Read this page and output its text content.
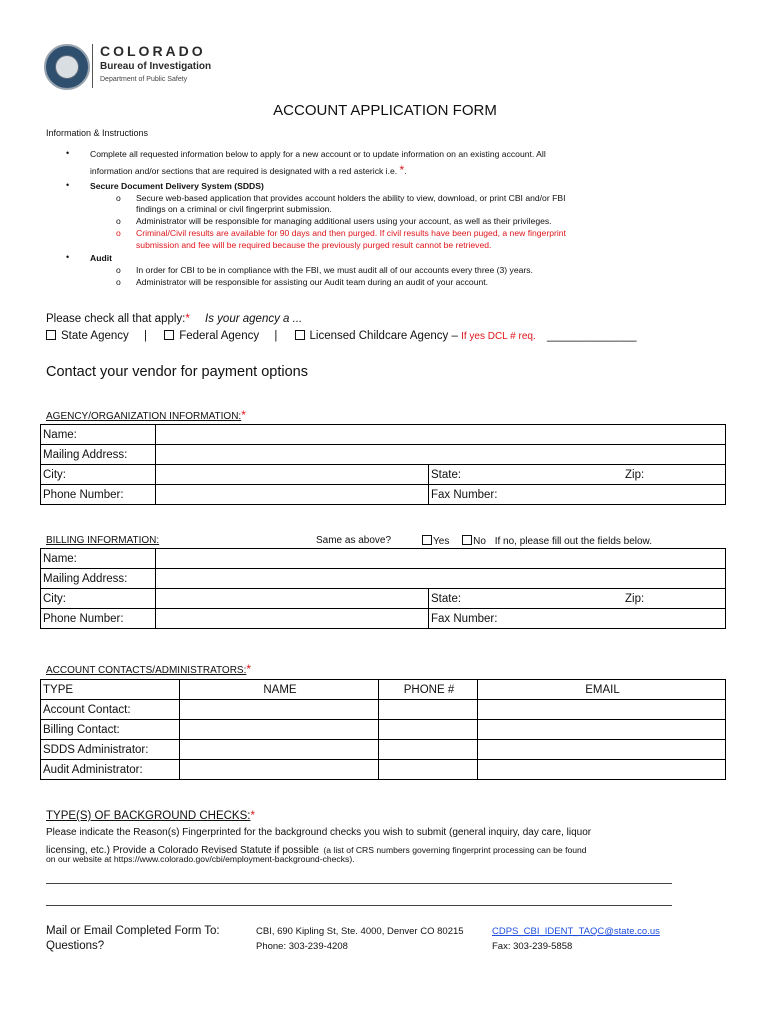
COLORADO
Bureau of Investigation
Department of Public Safety
ACCOUNT APPLICATION FORM
Information & Instructions
• Complete all requested information below to apply for a new account or to update information on an existing account. All
information and/or sections that are required is designated with a red asterick i.e. *.
• Secure Document Delivery System (SDDS)
o Secure web-based application that provides account holders the ability to view, download, or print CBI and/or FBI
findings on a criminal or civil fingerprint submission.
o Administrator will be responsible for managing additional users using your account, as well as their privileges.
o Criminal/Civil results are available for 90 days and then purged. If civil results have been puged, a new fingerprint
submission and fee will be required because the previously purged result cannot be retrieved.
• Audit
o In order for CBI to be in compliance with the FBI, we must audit all of our accounts every three (3) years.
o Administrator will be responsible for assisting our Audit team during an audit of your account.
Please check all that apply:* Is your agency a ...
State Agency |	Federal Agency |	Licensed Childcare Agency – If yes DCL # req. ______________
Contact your vendor for payment options
AGENCY/ORGANIZATION INFORMATION:*
Name:			
Mailing Address:			
City:		State:	Zip:
Phone Number:		Fax Number:	
BILLING INFORMATION:	Same as above?	Yes No If no, please fill out the fields below.
Name:			
Mailing Address:			
City:		State:	Zip:
Phone Number:		Fax Number:	
ACCOUNT CONTACTS/ADMINISTRATORS:*
TYPE	NAME	PHONE #	EMAIL
Account Contact:			
Billing Contact:			
SDDS Administrator:			
Audit Administrator:			
TYPE(S) OF BACKGROUND CHECKS:*
Please indicate the Reason(s) Fingerprinted for the background checks you wish to submit (general inquiry, day care, liquor
licensing, etc.) Provide a Colorado Revised Statute if possible (a list of CRS numbers governing fingerprint processing can be found
on our website at https://www.colorado.gov/cbi/employment-background-checks).
Mail or Email Completed Form To:
Questions?
CBI, 690 Kipling St, Ste. 4000, Denver CO 80215
Phone: 303-239-4208
CDPS_CBI_IDENT_TAQC@state.co.us
Fax: 303-239-5858
